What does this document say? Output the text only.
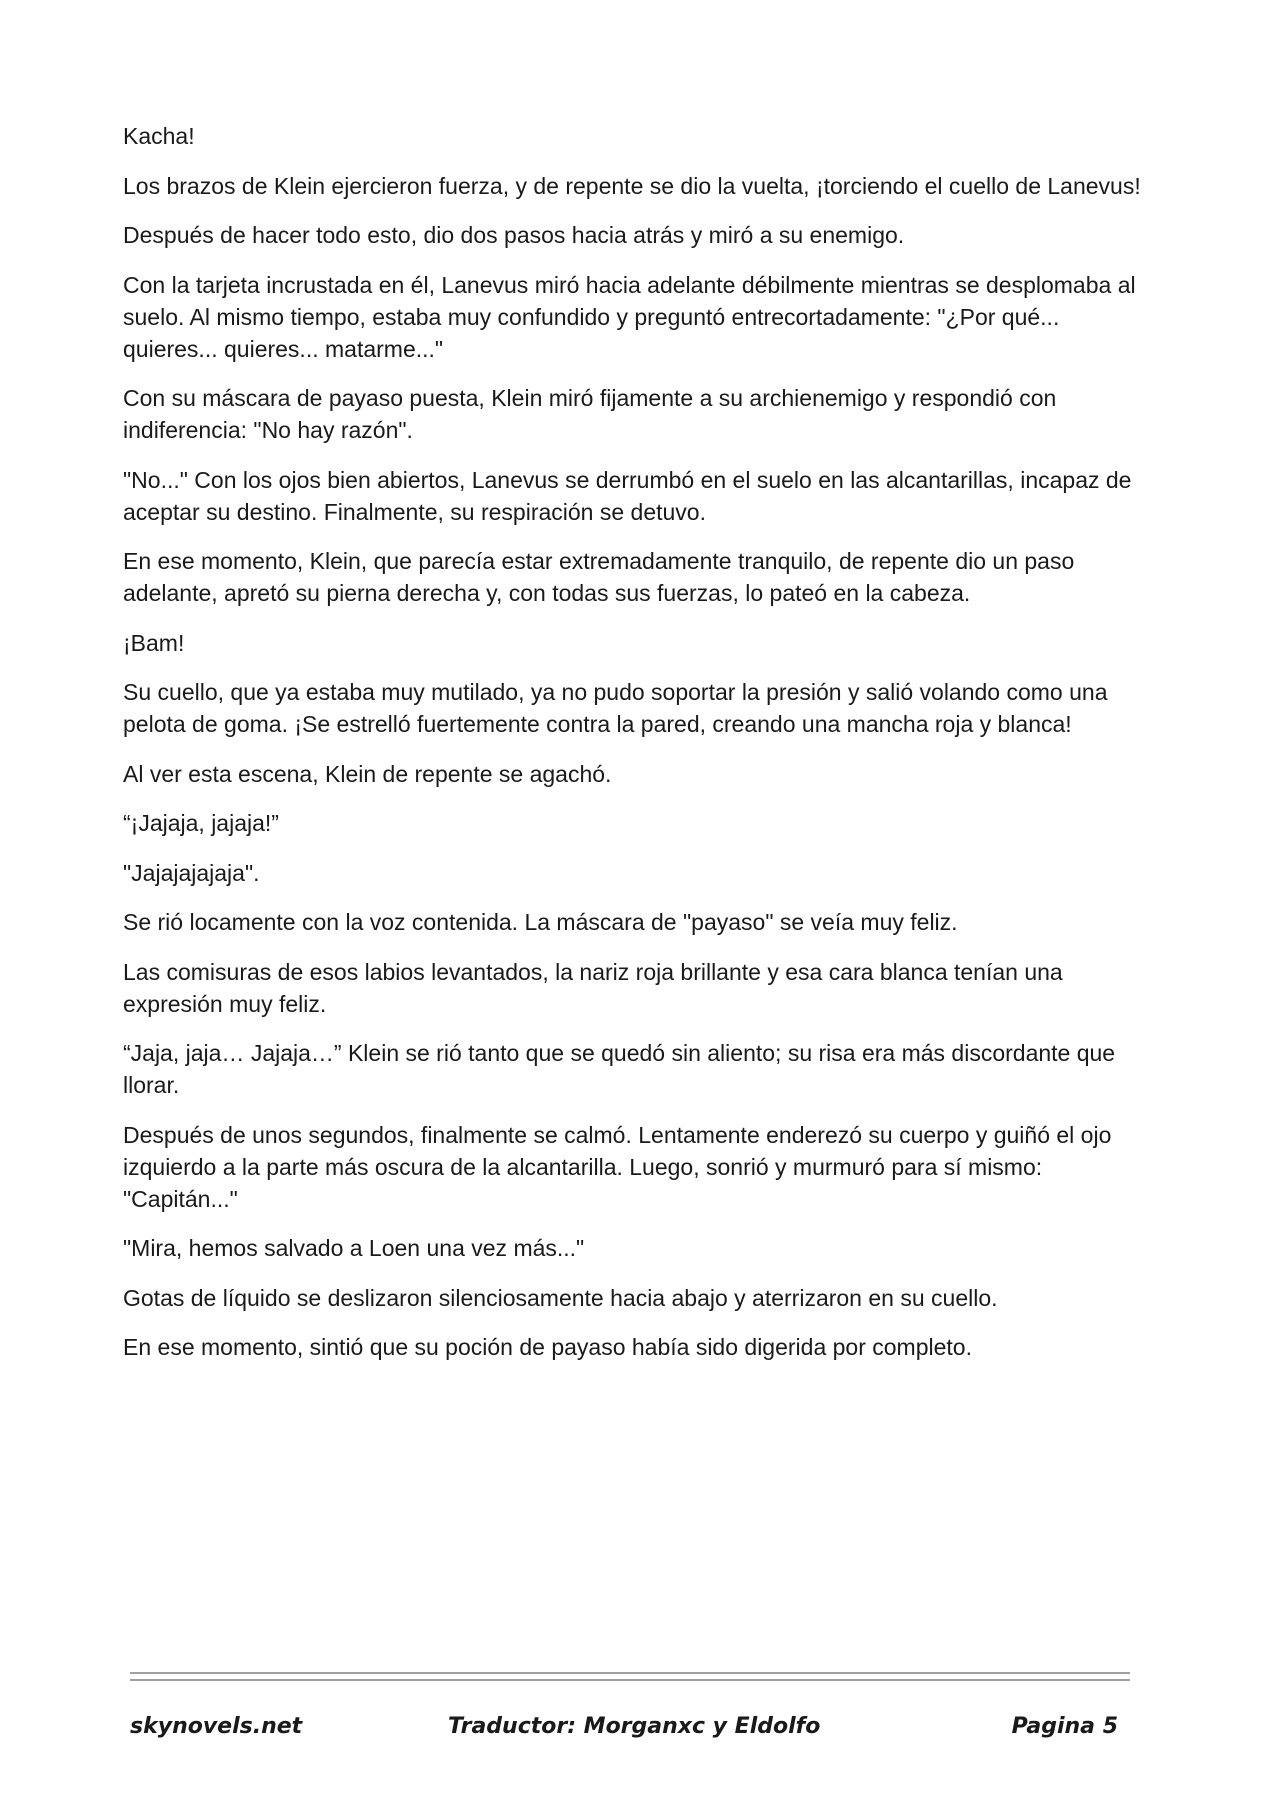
Kacha!

Los brazos de Klein ejercieron fuerza, y de repente se dio la vuelta, ¡torciendo el cuello de Lanevus!

Después de hacer todo esto, dio dos pasos hacia atrás y miró a su enemigo.

Con la tarjeta incrustada en él, Lanevus miró hacia adelante débilmente mientras se desplomaba al suelo. Al mismo tiempo, estaba muy confundido y preguntó entrecortadamente: "¿Por qué... quieres... quieres... matarme..."

Con su máscara de payaso puesta, Klein miró fijamente a su archienemigo y respondió con indiferencia: "No hay razón".

"No..." Con los ojos bien abiertos, Lanevus se derrumbó en el suelo en las alcantarillas, incapaz de aceptar su destino. Finalmente, su respiración se detuvo.

En ese momento, Klein, que parecía estar extremadamente tranquilo, de repente dio un paso adelante, apretó su pierna derecha y, con todas sus fuerzas, lo pateó en la cabeza.

¡Bam!

Su cuello, que ya estaba muy mutilado, ya no pudo soportar la presión y salió volando como una pelota de goma. ¡Se estrelló fuertemente contra la pared, creando una mancha roja y blanca!

Al ver esta escena, Klein de repente se agachó.

“¡Jajaja, jajaja!”

"Jajajajajaja".

Se rió locamente con la voz contenida. La máscara de "payaso" se veía muy feliz.

Las comisuras de esos labios levantados, la nariz roja brillante y esa cara blanca tenían una expresión muy feliz.

“Jaja, jaja… Jajaja…” Klein se rió tanto que se quedó sin aliento; su risa era más discordante que llorar.

Después de unos segundos, finalmente se calmó. Lentamente enderezó su cuerpo y guiñó el ojo izquierdo a la parte más oscura de la alcantarilla. Luego, sonrió y murmuró para sí mismo: "Capitán..."

"Mira, hemos salvado a Loen una vez más..."

Gotas de líquido se deslizaron silenciosamente hacia abajo y aterrizaron en su cuello.

En ese momento, sintió que su poción de payaso había sido digerida por completo.

skynovels.net	Traductor: Morganxc y Eldolfo	Pagina 5
